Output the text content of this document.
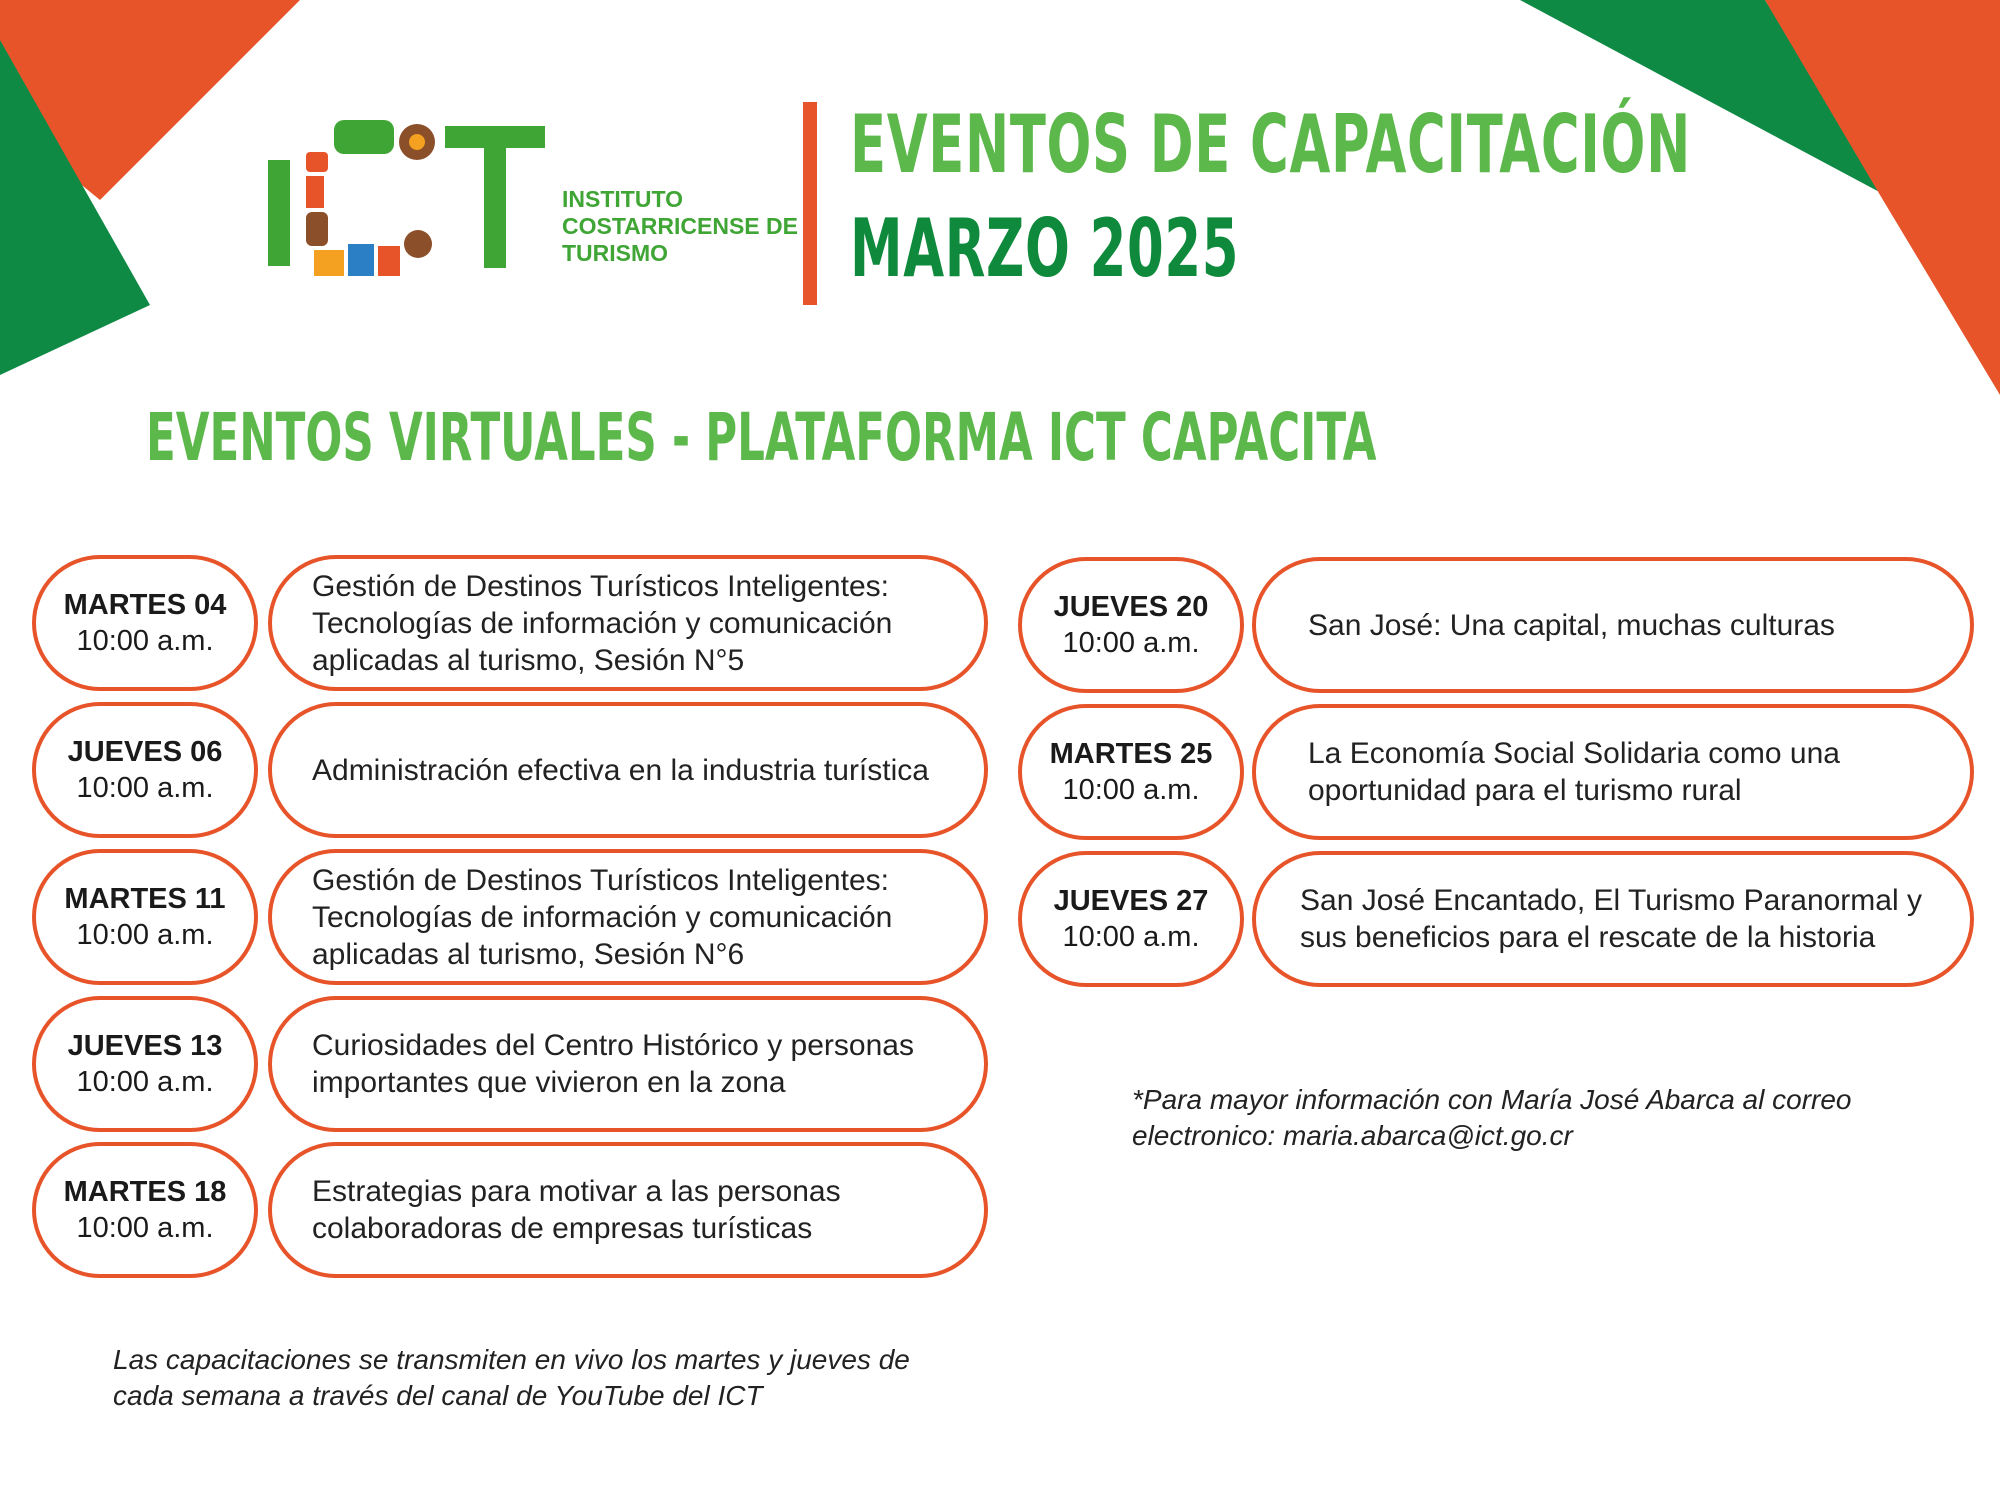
INSTITUTO
COSTARRICENSE DE
TURISMO
EVENTOS DE CAPACITACIÓN
MARZO 2025
EVENTOS VIRTUALES - PLATAFORMA ICT CAPACITA
MARTES 04
10:00 a.m.
Gestión de Destinos Turísticos Inteligentes:
Tecnologías de información y comunicación
aplicadas al turismo, Sesión N°5
JUEVES 06
10:00 a.m.
Administración efectiva en la industria turística
MARTES 11
10:00 a.m.
Gestión de Destinos Turísticos Inteligentes:
Tecnologías de información y comunicación
aplicadas al turismo, Sesión N°6
JUEVES 13
10:00 a.m.
Curiosidades del Centro Histórico y personas
importantes que vivieron en la zona
MARTES 18
10:00 a.m.
Estrategias para motivar a las personas
colaboradoras de empresas turísticas
JUEVES 20
10:00 a.m.
San José: Una capital, muchas culturas
MARTES 25
10:00 a.m.
La Economía Social Solidaria como una
oportunidad para el turismo rural
JUEVES 27
10:00 a.m.
San José Encantado, El Turismo Paranormal y
sus beneficios para el rescate de la historia
*Para mayor información con María José Abarca al correo
electronico: maria.abarca@ict.go.cr
Las capacitaciones se transmiten en vivo los martes y jueves de
cada semana a través del canal de YouTube del ICT
